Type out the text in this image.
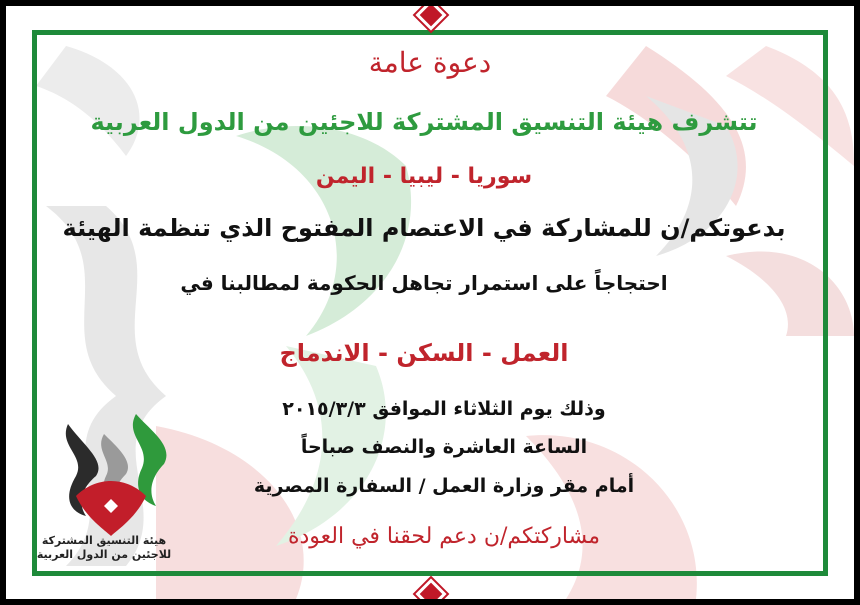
دعوة عامة
تتشرف هيئة التنسيق المشتركة للاجئين من الدول العربية
سوريا - ليبيا - اليمن
بدعوتكم/ن للمشاركة في الاعتصام المفتوح الذي تنظمة الهيئة
احتجاجاً على استمرار تجاهل الحكومة لمطالبنا في
العمل - السكن - الاندماج
وذلك يوم الثلاثاء الموافق ٢٠١٥/٣/٣
الساعة العاشرة والنصف صباحاً
أمام مقر وزارة العمل / السفارة المصرية
مشاركتكم/ن دعم لحقنا في العودة
هيئة التنسيق المشتركة
للاجئين من الدول العربية
